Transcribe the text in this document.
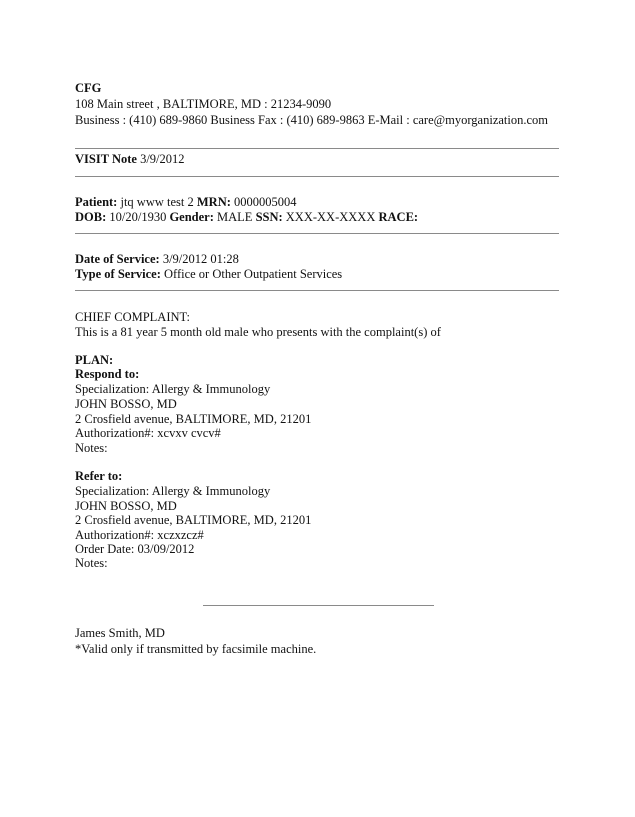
CFG
108 Main street , BALTIMORE, MD : 21234-9090
Business : (410) 689-9860 Business Fax : (410) 689-9863 E-Mail : care@myorganization.com
VISIT Note 3/9/2012
Patient: jtq www test 2 MRN: 0000005004
DOB: 10/20/1930 Gender: MALE SSN: XXX-XX-XXXX RACE:
Date of Service: 3/9/2012 01:28
Type of Service: Office or Other Outpatient Services
CHIEF COMPLAINT:
This is a 81 year 5 month old male who presents with the complaint(s) of
PLAN:
Respond to:
Specialization: Allergy & Immunology
JOHN BOSSO, MD
2 Crosfield avenue, BALTIMORE, MD, 21201
Authorization#: xcvxv cvcv#
Notes:
Refer to:
Specialization: Allergy & Immunology
JOHN BOSSO, MD
2 Crosfield avenue, BALTIMORE, MD, 21201
Authorization#: xczxzcz#
Order Date: 03/09/2012
Notes:
James Smith, MD
*Valid only if transmitted by facsimile machine.
